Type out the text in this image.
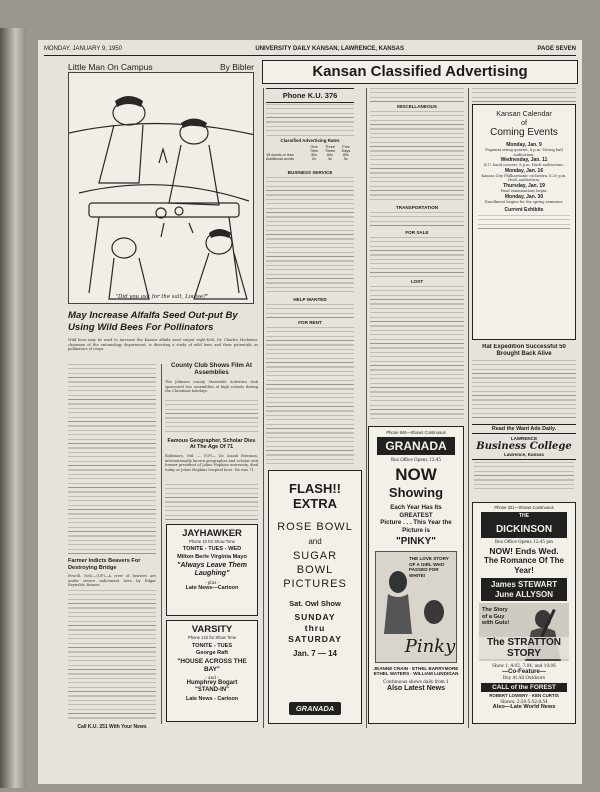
MONDAY, JANUARY 9, 1950	UNIVERSITY DAILY KANSAN, LAWRENCE, KANSAS	PAGE SEVEN
Little Man On Campus	By Bibler
"Did you ask for the salt, Louise?"
May Increase Alfalfa Seed Out-put By Using Wild Bees For Pollinators
Wild bees may be used to increase the Kansas alfalfa seed output eight-fold, Dr. Charles Michener, chairman of the entomology department, is directing a study of wild bees and their potentials as pollinators of crops.
Farmer Indicts Beavers For Destroying Bridge
Powell, Neb.—(UP)—A crew of beavers are under severe indictment here by Edgar Reynolds, farmer.
Call K.U. 251 With Your News
County Club Shows Film At Assemblies
The Johnson county Statewide Activities club sponsored two assemblies at high schools during the Christmas holidays.
Famous Geographer, Scholar Dies At The Age Of 71
Baltimore, Md. — (UP)— Dr. Isaiah Bowman, internationally known geographer and scholar and former president of Johns Hopkins university, died today at Johns Hopkins hospital here. He was 71.
JAYHAWKER
Phone 10 for Show Time
TONITE - TUES - WED
Milton Berle Virginia Mayo
"Always Leave Them Laughing"
- plus -
Late News—Cartoon
VARSITY
Phone 122 for Show Time
TONITE - TUES
George Raft
"HOUSE ACROSS THE BAY"
- and -
Humphrey Bogart "STAND-IN"
Late News - Cartoon
Kansan Classified Advertising
Phone K.U. 376
Classified Advertising Rates
One Time
Three Times
Five Days
15 words or less	30c	60c	80c
Additional words	2c	4c	5c
BUSINESS SERVICE
HELP WANTED
FOR RENT
MISCELLANEOUS
TRANSPORTATION
FOR SALE
LOST
FLASH!! EXTRA
ROSE BOWL
and
SUGAR BOWL PICTURES
Sat. Owl Show
SUNDAY thru SATURDAY
Jan. 7 — 14
GRANADA
Phone 946—Shows Continuous
GRANADA
Box Office Opens 12:45
NOW
Showing
Each Year Has Its GREATEST
Picture . . . This Year the Picture is
"PINKY"
Pinky
THE LOVE STORY OF A GIRL WHO PASSED FOR WHITE!
JEANNE CRAIN · ETHEL BARRYMORE
ETHEL WATERS · WILLIAM LUNDIGAN
Continuous shows daily from 1
Also Latest News
Kansan Calendar
of
Coming Events
Monday, Jan. 9
Paganini string quartet, 8 p.m. Strong hall auditorium.
Wednesday, Jan. 11
K.U. band concert, 8 p.m. Hoch auditorium.
Monday, Jan. 16
Kansas City Philharmonic orchestra, 8:20 p.m. Hoch auditorium.
Thursday, Jan. 19
Final examinations begin.
Monday, Jan. 30
Enrollment begins for the spring semester.
Current Exhibits
Rat Expedition Successful 50 Brought Back Alive
Read the Want Ads Daily.
LAWRENCE
Business College
Lawrence, Kansas
Phone 321—Shows Continuous
THE
DICKINSON
Box Office Opens 12:45 pm
NOW! Ends Wed.
The Romance Of The Year!
James STEWART June ALLYSON
The Story of a Guy with Guts!
The STRATTON STORY
Show 1, 4:02, 7:04, and 10:06
—Co-Feature—
Buy At All Outdoors
CALL of the FOREST
ROBERT LOWERY · KEN CURTIS
Shows: 2:50-5:52-8:54
Also—Late World News
